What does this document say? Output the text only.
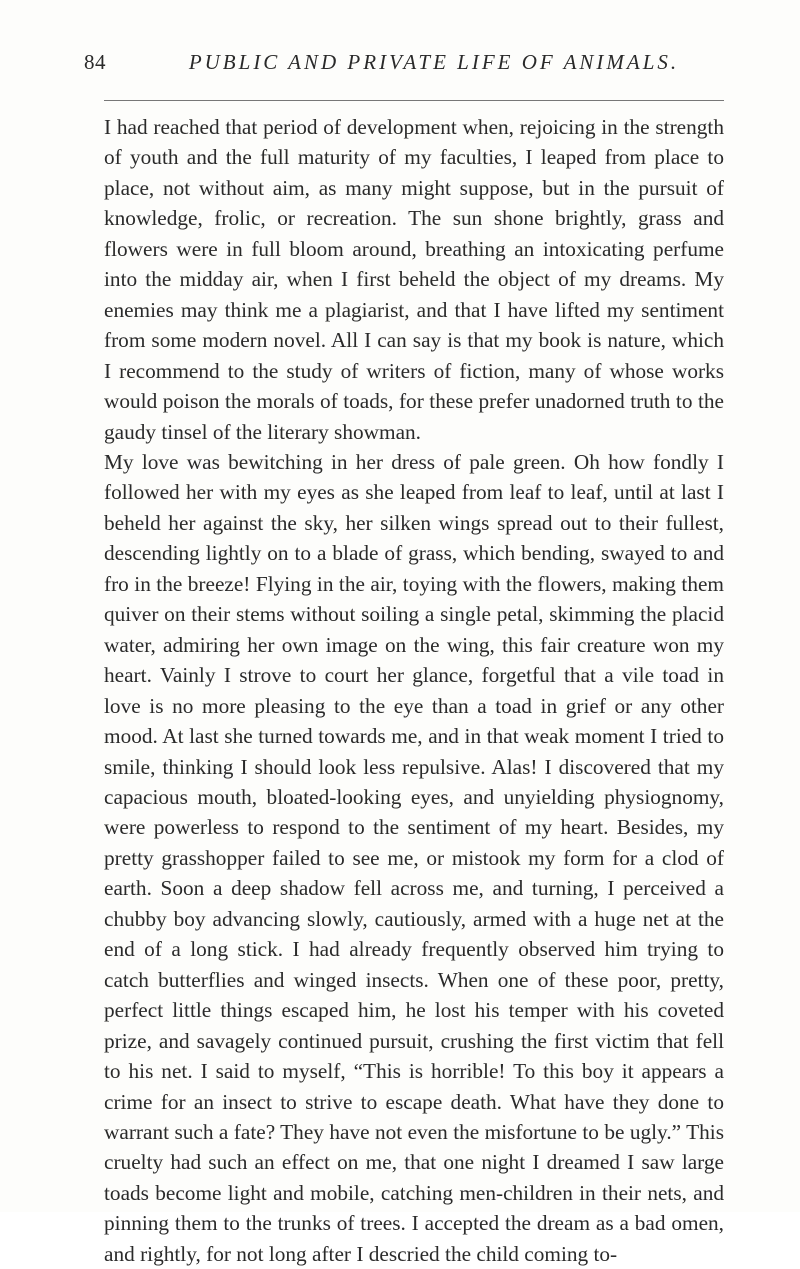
84	PUBLIC AND PRIVATE LIFE OF ANIMALS.

I had reached that period of development when, rejoicing in the strength of youth and the full maturity of my faculties, I leaped from place to place, not without aim, as many might suppose, but in the pursuit of knowledge, frolic, or recreation. The sun shone brightly, grass and flowers were in full bloom around, breathing an intoxicating perfume into the midday air, when I first beheld the object of my dreams. My enemies may think me a plagiarist, and that I have lifted my sentiment from some modern novel. All I can say is that my book is nature, which I recommend to the study of writers of fiction, many of whose works would poison the morals of toads, for these prefer unadorned truth to the gaudy tinsel of the literary showman.

My love was bewitching in her dress of pale green. Oh how fondly I followed her with my eyes as she leaped from leaf to leaf, until at last I beheld her against the sky, her silken wings spread out to their fullest, descending lightly on to a blade of grass, which bending, swayed to and fro in the breeze! Flying in the air, toying with the flowers, making them quiver on their stems without soiling a single petal, skimming the placid water, admiring her own image on the wing, this fair creature won my heart. Vainly I strove to court her glance, forgetful that a vile toad in love is no more pleasing to the eye than a toad in grief or any other mood. At last she turned towards me, and in that weak moment I tried to smile, thinking I should look less repulsive. Alas! I discovered that my capacious mouth, bloated-looking eyes, and unyielding physiognomy, were powerless to respond to the sentiment of my heart. Besides, my pretty grasshopper failed to see me, or mistook my form for a clod of earth. Soon a deep shadow fell across me, and turning, I perceived a chubby boy advancing slowly, cautiously, armed with a huge net at the end of a long stick. I had already frequently observed him trying to catch butterflies and winged insects. When one of these poor, pretty, perfect little things escaped him, he lost his temper with his coveted prize, and savagely continued pursuit, crushing the first victim that fell to his net. I said to myself, “This is horrible! To this boy it appears a crime for an insect to strive to escape death. What have they done to warrant such a fate? They have not even the misfortune to be ugly.” This cruelty had such an effect on me, that one night I dreamed I saw large toads become light and mobile, catching men-children in their nets, and pinning them to the trunks of trees. I accepted the dream as a bad omen, and rightly, for not long after I descried the child coming to-
